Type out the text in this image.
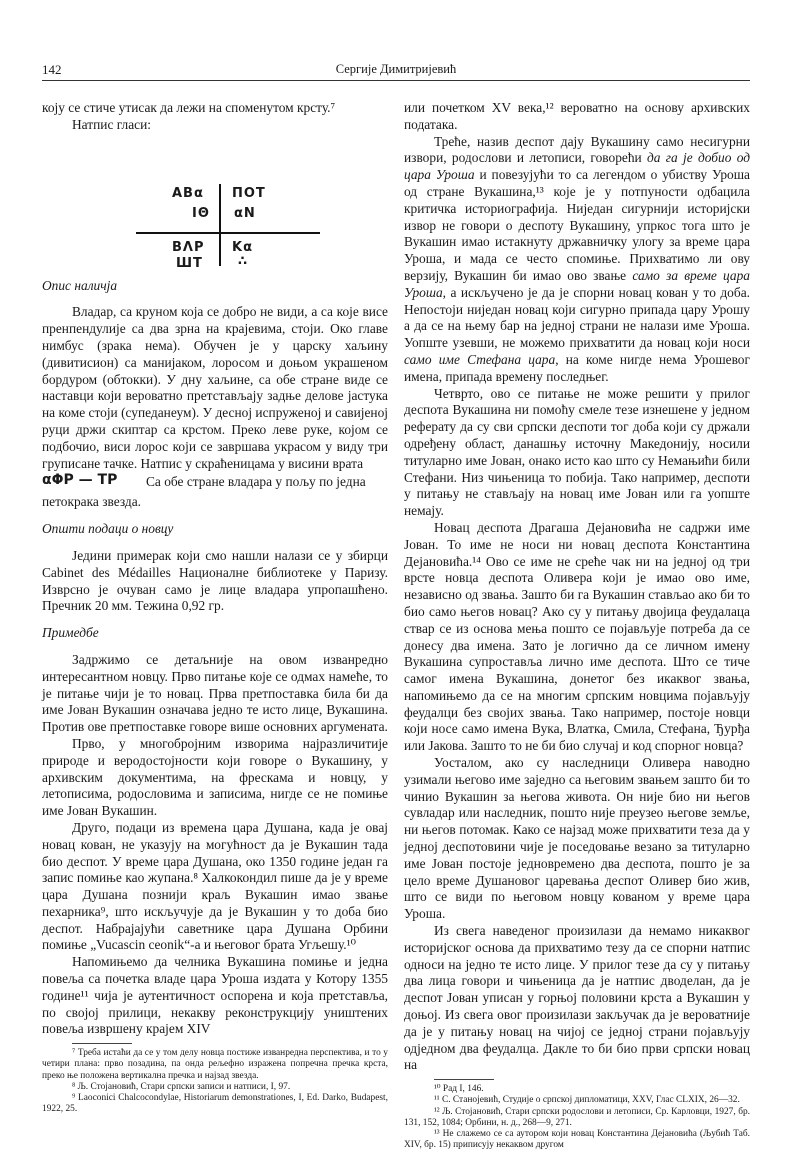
142	Сергије Димитријевић

коју се стиче утисак да лежи на споменутом крсту.⁷

Натпис гласи:

ΑΒα
ΙΘ
ΠΟΤ
αΝ
ΒΛΡ
ШΤ
Κα
∴

Опис наличја

Владар, са круном која се добро не види, а са које висе пренпендулије са два зрна на крајевима, стоји. Око главе нимбус (зрака нема). Обучен је у царску хаљину (дивитисион) са манијаком, лоросом и доњом украшеном бордуром (обтокки). У дну хаљине, са обе стране виде се наставци који вероватно претстављају задње делове јастука на коме стоји (супеданеум). У десној испруженој и савијеној руци држи скиптар са крстом. Преко леве руке, којом се подбочио, виси лорос који се завршава украсом у виду три груписане тачке. Натпис у скраћеницама у висини врата

αΦΡ — ΤΡ Са обе стране владара у пољу по једна

петокрака звезда.

Општи подаци о новцу

Једини примерак који смо нашли налази се у збирци Cabinet des Médailles Националне библиотеке у Паризу. Изврсно је очуван само је лице владара упропашћено. Пречник 20 мм. Тежина 0,92 гр.

Примедбе

Задржимо се детаљније на овом изванредно интересантном новцу. Прво питање које се одмах намеће, то је питање чији је то новац. Прва претпоставка била би да име Јован Вукашин означава једно те исто лице, Вукашина. Против ове претпоставке говоре више основних аргумената.

Прво, у многобројним изворима најразличитије природе и веродостојности који говоре о Вукашину, у архивским документима, на фрескама и новцу, у летописима, родословима и записима, нигде се не помиње име Јован Вукашин.

Друго, подаци из времена цара Душана, када је овај новац кован, не указују на могућност да је Вукашин тада био деспот. У време цара Душана, око 1350 године један га запис помиње као жупана.⁸ Халкокондил пише да је у време цара Душана познији краљ Вукашин имао звање пехарника⁹, што искључује да је Вукашин у то доба био деспот. Набрајајући саветнике цара Душана Орбини помиње „Vucascin ceonik“-а и његовог брата Угљешу.¹⁰

Напомињемо да челника Вукашина помиње и једна повеља са почетка владе цара Уроша издата у Котору 1355 године¹¹ чија је аутентичност оспорена и која претставља, по својој прилици, некакву реконструкцију уништених повеља извршену крајем XIV

⁷ Треба истаћи да се у том делу новца постиже изванредна перспектива, и то у четири плана: прво позадина, па онда рељефно изражена попречна пречка крста, преко ње положена вертикална пречка и најзад звезда.

⁸ Љ. Стојановић, Стари српски записи и натписи, I, 97.

⁹ Laoconici Chalcocondylae, Historiarum demonstrationes, I, Ed. Darko, Budapest, 1922, 25.

или почетком XV века,¹² вероватно на основу архивских података.

Треће, назив деспот дају Вукашину само несигурни извори, родослови и летописи, говорећи да га је добио од цара Уроша и повезујући то са легендом о убиству Уроша од стране Вукашина,¹³ које је у потпуности одбацила критичка историографија. Ниједан сигурнији историјски извор не говори о деспоту Вукашину, упркос тога што је Вукашин имао истакнуту државничку улогу за време цара Уроша, и мада се често спомиње. Прихватимо ли ову верзију, Вукашин би имао ово звање само за време цара Уроша, а искључено је да је спорни новац кован у то доба. Непостоји ниједан новац који сигурно припада цару Урошу а да се на њему бар на једној страни не налази име Уроша. Уопште узевши, не можемо прихватити да новац који носи само име Стефана цара, на коме нигде нема Урошевог имена, припада времену последњег.

Четврто, ово се питање не може решити у прилог деспота Вукашина ни помоћу смеле тезе изнешене у једном реферату да су сви српски деспоти тог доба који су држали одређену област, данашњу источну Македонију, носили титуларно име Јован, онако исто као што су Немањићи били Стефани. Низ чињеница то побија. Тако например, деспоти у питању не стављају на новац име Јован или га уопште немају.

Новац деспота Драгаша Дејановића не садржи име Јован. То име не носи ни новац деспота Константина Дејановића.¹⁴ Ово се име не среће чак ни на једној од три врсте новца деспота Оливера који је имао ово име, независно од звања. Зашто би га Вукашин стављао ако би то био само његов новац? Ако су у питању двојица феудалаца ствар се из основа мења пошто се појављује потреба да се донесу два имена. Зато је логично да се личном имену Вукашина супроставља лично име деспота. Што се тиче самог имена Вукашина, донетог без икаквог звања, напомињемо да се на многим српским новцима појављују феудалци без својих звања. Тако например, постоје новци који носе само имена Вука, Влатка, Смила, Стефана, Ђурђа или Јакова. Зашто то не би био случај и код спорног новца?

Уосталом, ако су наследници Оливера наводно узимали његово име заједно са његовим звањем зашто би то чинио Вукашин за његова живота. Он није био ни његов сувладар или наследник, пошто није преузео његове земље, ни његов потомак. Како се најзад може прихватити теза да у једној деспотовини чије је поседовање везано за титуларно име Јован постоје једновремено два деспота, пошто је за цело време Душановог царевања деспот Оливер био жив, што се види по његовом новцу кованом у време цара Уроша.

Из свега наведеног произилази да немамо никаквог историјског основа да прихватимо тезу да се спорни натпис односи на једно те исто лице. У прилог тезе да су у питању два лица говори и чињеница да је натпис дводелан, да је деспот Јован уписан у горњој половини крста а Вукашин у доњој. Из свега овог произилази закључак да је вероватније да је у питању новац на чијој се једној страни појављују одједном два феудалца. Дакле то би био први српски новац на

¹⁰ Рад I, 146.

¹¹ С. Станојевић, Студије о српској дипломатици, XXV, Глас CLXIX, 26—32.

¹² Љ. Стојановић, Стари српски родослови и летописи, Ср. Карловци, 1927, бр. 131, 152, 1084; Орбини, н. д., 268—9, 271.

¹³ Не слажемо се са аутором који новац Константина Дејановића (Љубић Таб. XIV, бр. 15) приписују некаквом другом
